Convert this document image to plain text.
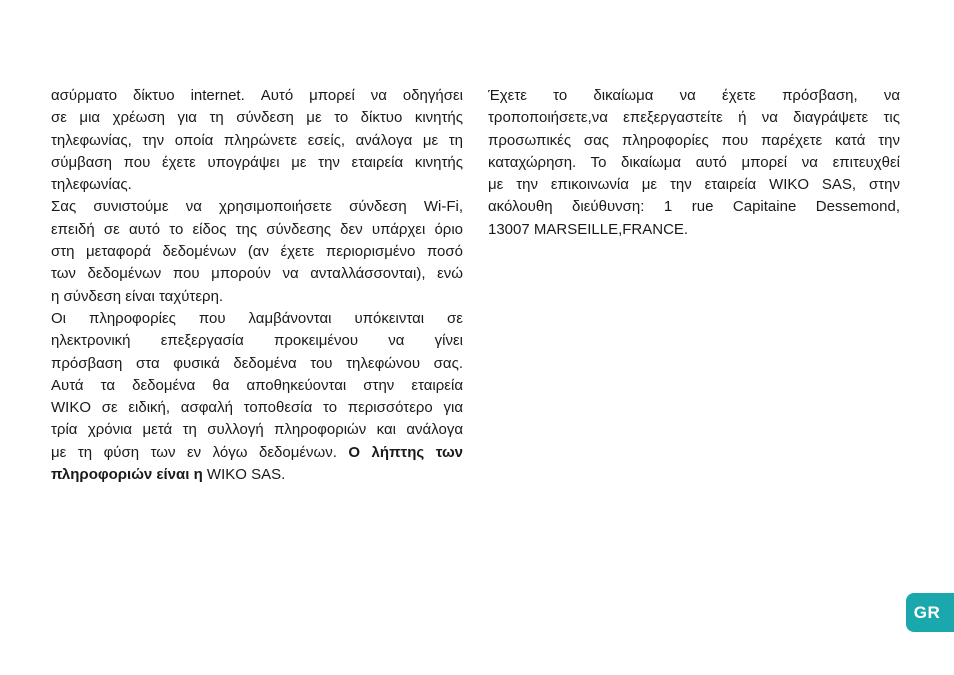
ασύρματο δίκτυο internet. Αυτό μπορεί να οδηγήσει
σε μια χρέωση για τη σύνδεση με το δίκτυο κινητής
τηλεφωνίας, την οποία πληρώνετε εσείς, ανάλογα με τη
σύμβαση που έχετε υπογράψει με την εταιρεία κινητής
τηλεφωνίας.
Σας συνιστούμε να χρησιμοποιήσετε σύνδεση Wi-Fi,
επειδή σε αυτό το είδος της σύνδεσης δεν υπάρχει όριο
στη μεταφορά δεδομένων (αν έχετε περιορισμένο ποσό
των δεδομένων που μπορούν να ανταλλάσσονται), ενώ
η σύνδεση είναι ταχύτερη.
Οι πληροφορίες που λαμβάνονται υπόκεινται σε
ηλεκτρονική επεξεργασία προκειμένου να γίνει
πρόσβαση στα φυσικά δεδομένα του τηλεφώνου σας.
Αυτά τα δεδομένα θα αποθηκεύονται στην εταιρεία
WIKO σε ειδική, ασφαλή τοποθεσία το περισσότερο για
τρία χρόνια μετά τη συλλογή πληροφοριών και ανάλογα
με τη φύση των εν λόγω δεδομένων. Ο λήπτης των
πληροφοριών είναι η WIKO SAS.
Έχετε το δικαίωμα να έχετε πρόσβαση, να
τροποποιήσετε,να επεξεργαστείτε ή να διαγράψετε τις
προσωπικές σας πληροφορίες που παρέχετε κατά την
καταχώρηση. Το δικαίωμα αυτό μπορεί να επιτευχθεί
με την επικοινωνία με την εταιρεία WIKO SAS, στην
ακόλουθη διεύθυνση: 1 rue Capitaine Dessemond,
13007 MARSEILLE,FRANCE.
GR
